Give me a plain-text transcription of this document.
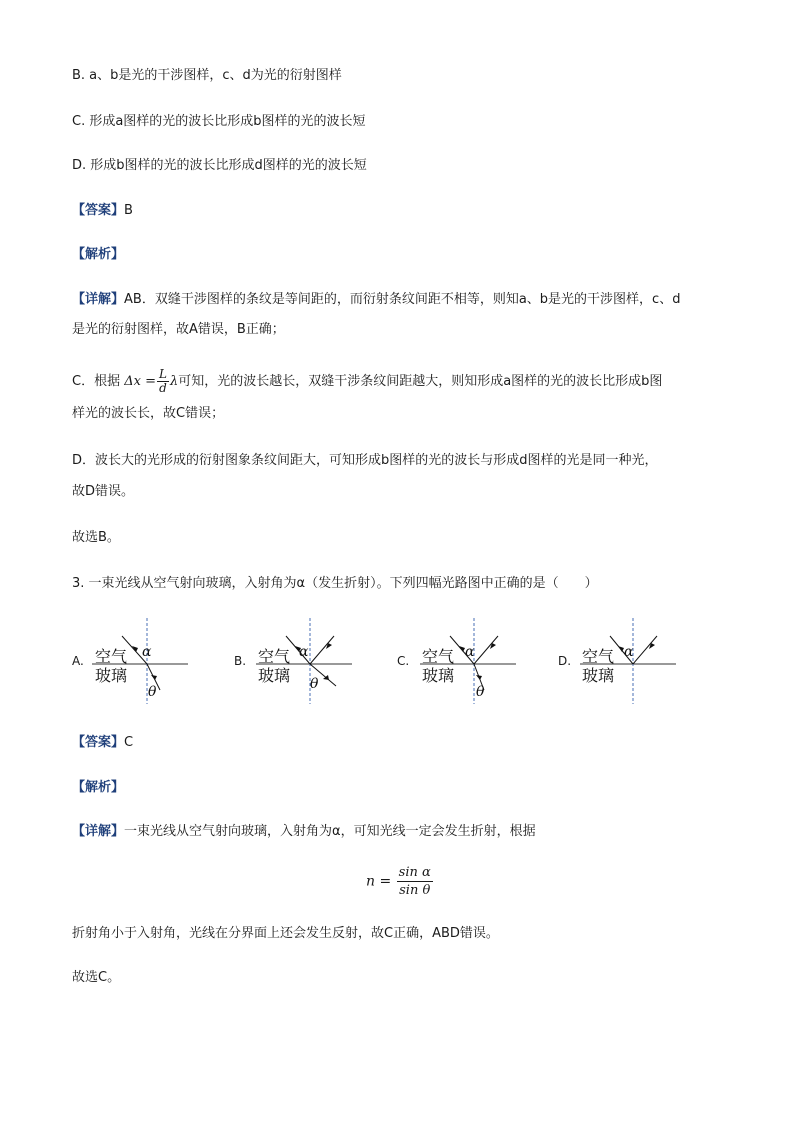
B. a、b是光的干涉图样，c、d为光的衍射图样
C. 形成a图样的光的波长比形成b图样的光的波长短
D. 形成b图样的光的波长比形成d图样的光的波长短
【答案】B
【解析】
【详解】AB．双缝干涉图样的条纹是等间距的，而衍射条纹间距不相等，则知a、b是光的干涉图样，c、d
是光的衍射图样，故A错误，B正确；
C．根据 $\Delta x = \frac{L}{d}$ λ可知，光的波长越长，双缝干涉条纹间距越大，则知形成a图样的光的波长比形成b图
样光的波长长，故C错误；
D．波长大的光形成的衍射图象条纹间距大，可知形成b图样的光的波长与形成d图样的光是同一种光，
故D错误。
故选B。
3. 一束光线从空气射向玻璃，入射角为α（发生折射）。下列四幅光路图中正确的是（　　）
A.
α
θ
空气
玻璃
B.
α
θ
空气
玻璃
C.
α
θ
空气
玻璃
D.
α
空气
玻璃
【答案】C
【解析】
【详解】一束光线从空气射向玻璃，入射角为α，可知光线一定会发生折射，根据
$n = \frac{\text{sin α}}{\text{sin θ}}$
折射角小于入射角，光线在分界面上还会发生反射，故C正确，ABD错误。
故选C。
